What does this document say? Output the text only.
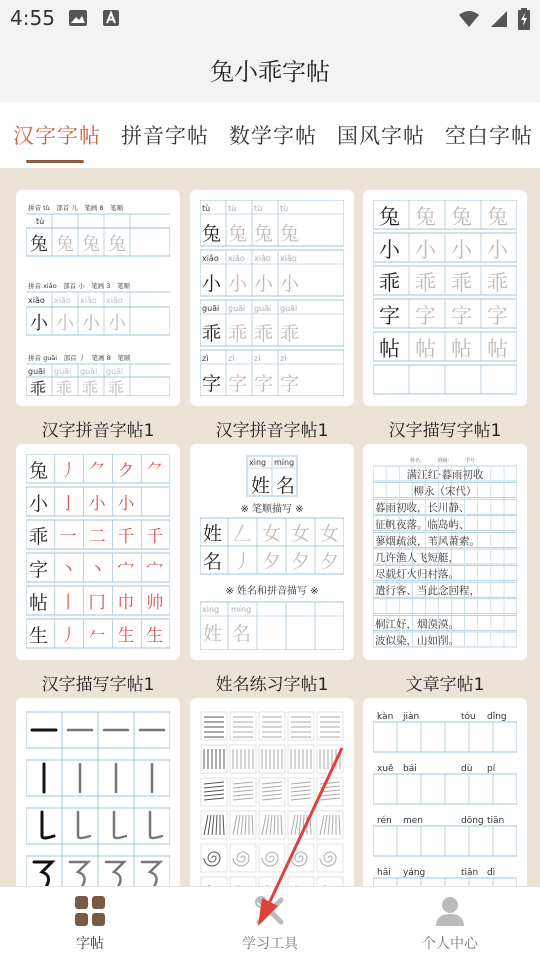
4:55
兔小乖字帖
汉字字帖 拼音字帖 数学字帖 国风字帖 空白字帖
拼音 tù　部首 儿　笔画 8　笔顺
tù
兔 兔 兔 兔
拼音 xiǎo　部首 小　笔画 3　笔顺
xiǎo xiǎo xiǎo xiǎo
小 小 小 小
拼音 guāi　部首 丿　笔画 8　笔顺
guāi guāi guāi guāi
乖 乖 乖 乖
汉字拼音字帖1
tù
兔
tù
兔
tù
兔
tù
兔
xiǎo
小
xiǎo
小
xiǎo
小
xiǎo
小
guāi
乖
guāi
乖
guāi
乖
guāi
乖
zì
字
zì
字
zì
字
zì
字
汉字拼音字帖1
兔 兔 兔 兔
小 小 小 小
乖 乖 乖 乖
字 字 字 字
帖 帖 帖 帖
汉字描写字帖1
兔 丿 ⺈ ク ⺈
小 亅 小 小
乖 一 二 千 千
字 丶 丶 宀 宀
帖 丨 冂 巾 帅
生 丿 𠂉 生 生
汉字描写字帖1
xìng míng
姓 名
※ 笔顺描写 ※
姓 𠃋 女 女 女
名 丿 夕 夕 夕
※ 姓名和拼音描写 ※
xìng míng
姓 名
姓名练习字帖1
姓名：　　　班级：　　　学号：
满江红·暮雨初收
柳永（宋代）
暮雨初收，长川静、
征帆夜落。临岛屿、
蓼烟疏淡，苇风萧索。
几许渔人飞短艇，
尽载灯火归村落。
遣行客、当此念回程，
桐江好，烟漠漠。
波似染，山如削。
文章字帖1
kàn jiàn	tóu dǐng
xuě bái	dù pí
rén men	dōng tiān
hǎi yáng	tiān dì
字帖	学习工具	个人中心
